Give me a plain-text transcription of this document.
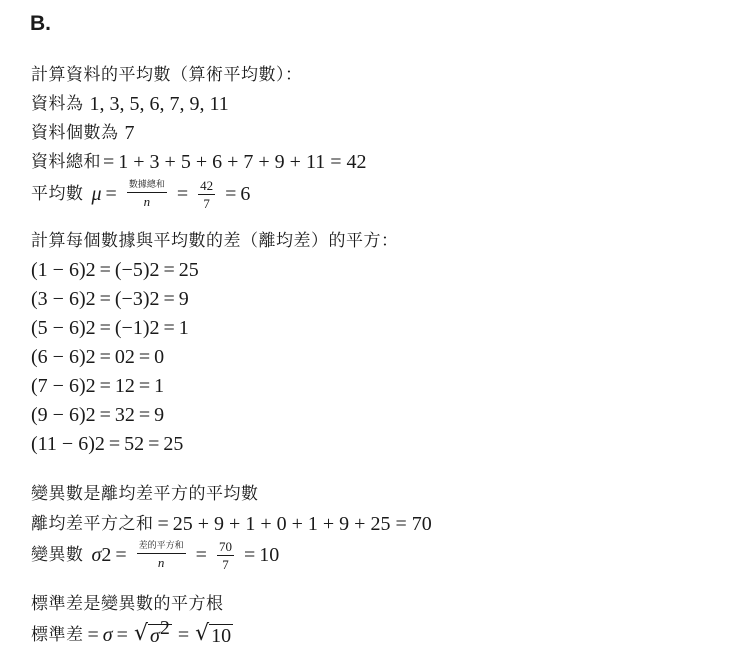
B.
計算資料的平均數（算術平均數）：
資料為 1, 3, 5, 6, 7, 9, 11
資料個數為 7
資料總和 = 1 + 3 + 5 + 6 + 7 + 9 + 11 = 42
平均數 $\mu = \frac{\text{數據總和}}{n} = \frac{42}{7} = 6$
計算每個數據與平均數的差（離均差）的平方：
(1 − 6) 2 = (−5) 2 = 25
(3 − 6) 2 = (−3) 2 = 9
(5 − 6) 2 = (−1) 2 = 1
(6 − 6) 2 = 0 2 = 0
(7 − 6) 2 = 1 2 = 1
(9 − 6) 2 = 3 2 = 9
(11 − 6) 2 = 5 2 = 25
變異數是離均差平方的平均數
離均差平方之和 = 25 + 9 + 1 + 0 + 1 + 9 + 25 = 70
變異數 σ $2 = \frac{\text{差的平方和}}{n} = \frac{70}{7} = 10$
標準差是變異數的平方根
標準差 = σ = √ $\sigma^2$ = √ 10
